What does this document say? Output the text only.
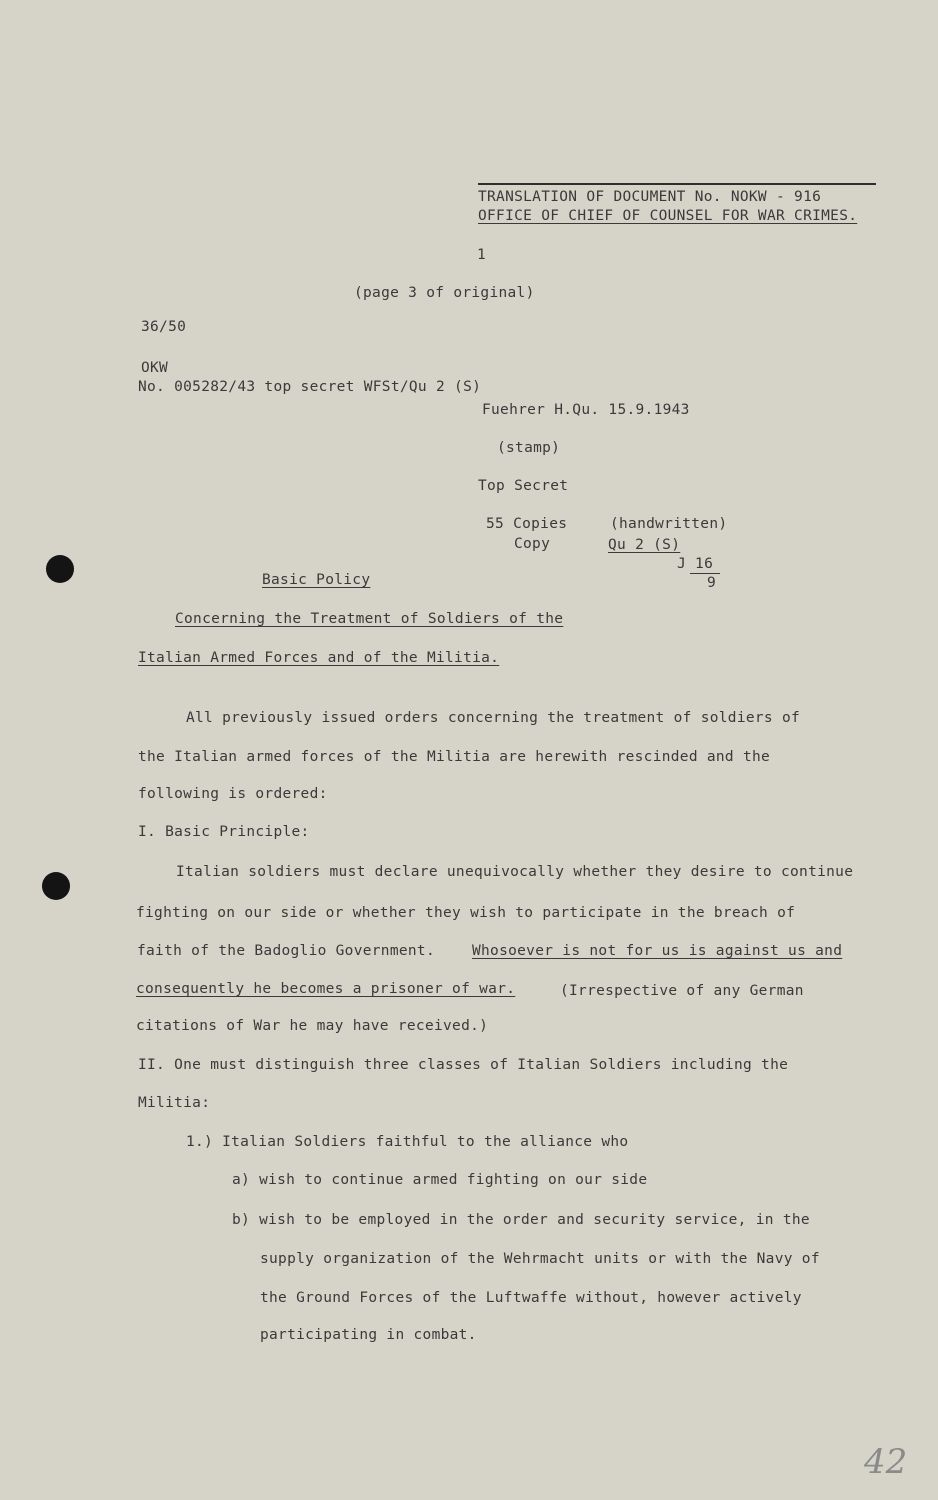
TRANSLATION OF DOCUMENT No. NOKW - 916
OFFICE OF CHIEF OF COUNSEL FOR WAR CRIMES.
1
(page 3 of original)
36/50
OKW
No. 005282/43 top secret WFSt/Qu 2 (S)
Fuehrer H.Qu. 15.9.1943
(stamp)
Top Secret
55 Copies
Copy
(handwritten)
Qu 2 (S)
J 16
9
Basic Policy
Concerning the Treatment of Soldiers of the
Italian Armed Forces and of the Militia.
All previously issued orders concerning the treatment of soldiers of
the Italian armed forces of the Militia are herewith rescinded and the
following is ordered:
I. Basic Principle:
Italian soldiers must declare unequivocally whether they desire to continue
fighting on our side or whether they wish to participate in the breach of
faith of the Badoglio Government.	Whosoever is not for us is against us and
consequently he becomes a prisoner of war.	(Irrespective of any German
citations of War he may have received.)
II. One must distinguish three classes of Italian Soldiers including the
Militia:
1.) Italian Soldiers faithful to the alliance who
a) wish to continue armed fighting on our side
b) wish to be employed in the order and security service, in the
supply organization of the Wehrmacht units or with the Navy of
the Ground Forces of the Luftwaffe without, however actively
participating in combat.
42
